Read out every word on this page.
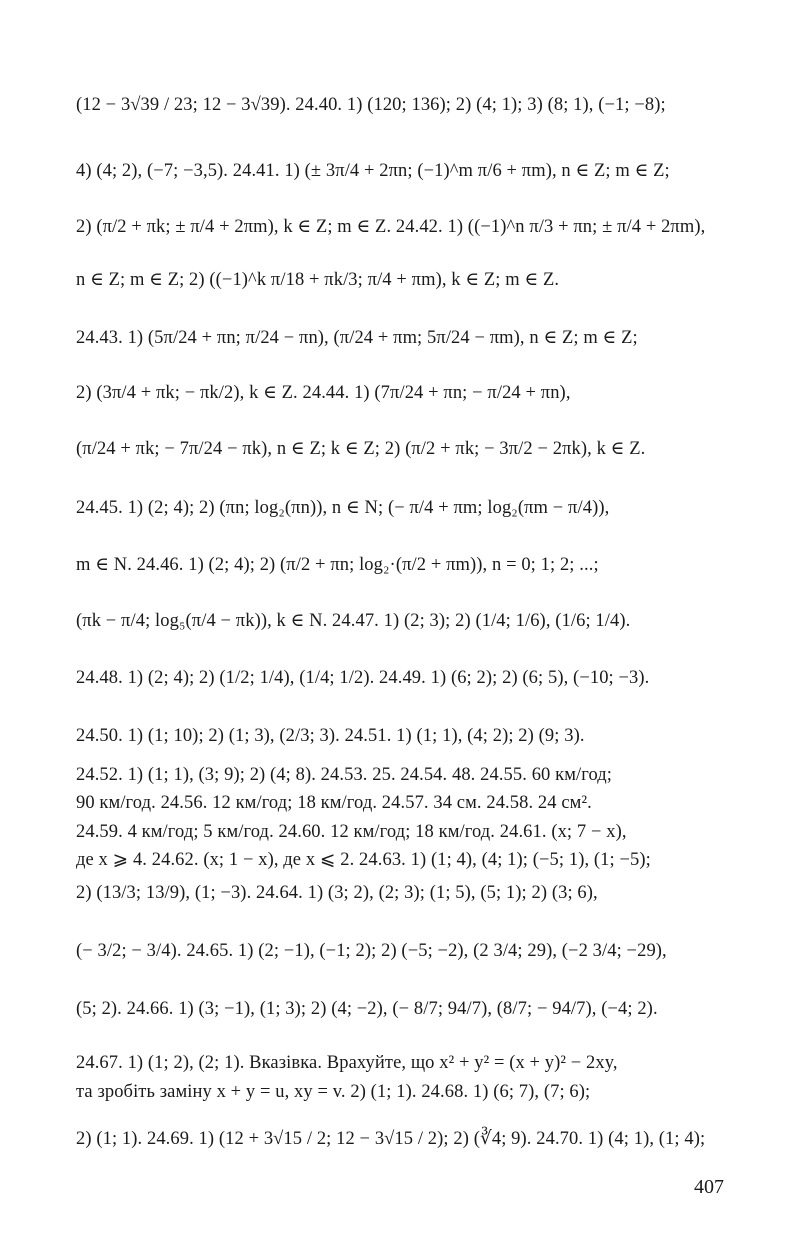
(12 − 3√39 / 23; 12 − 3√39). 24.40. 1) (120; 136); 2) (4; 1); 3) (8; 1), (−1; −8);
4) (4; 2), (−7; −3,5). 24.41. 1) (± 3π/4 + 2πn; (−1)^m π/6 + πm), n ∈ Z; m ∈ Z;
2) (π/2 + πk; ± π/4 + 2πm), k ∈ Z; m ∈ Z. 24.42. 1) ((−1)^n π/3 + πn; ± π/4 + 2πm),
n ∈ Z; m ∈ Z; 2) ((−1)^k π/18 + πk/3; π/4 + πm), k ∈ Z; m ∈ Z.
24.43. 1) (5π/24 + πn; π/24 − πn), (π/24 + πm; 5π/24 − πm), n ∈ Z; m ∈ Z;
2) (3π/4 + πk; − πk/2), k ∈ Z. 24.44. 1) (7π/24 + πn; − π/24 + πn),
(π/24 + πk; − 7π/24 − πk), n ∈ Z; k ∈ Z; 2) (π/2 + πk; − 3π/2 − 2πk), k ∈ Z.
24.45. 1) (2; 4); 2) (πn; log₂(πn)), n ∈ N; (− π/4 + πm; log₂(πm − π/4)),
m ∈ N. 24.46. 1) (2; 4); 2) (π/2 + πn; log₂·(π/2 + πm)), n = 0; 1; 2; ...;
(πk − π/4; log₅(π/4 − πk)), k ∈ N. 24.47. 1) (2; 3); 2) (1/4; 1/6), (1/6; 1/4).
24.48. 1) (2; 4); 2) (1/2; 1/4), (1/4; 1/2). 24.49. 1) (6; 2); 2) (6; 5), (−10; −3).
24.50. 1) (1; 10); 2) (1; 3), (2/3; 3). 24.51. 1) (1; 1), (4; 2); 2) (9; 3).
24.52. 1) (1; 1), (3; 9); 2) (4; 8). 24.53. 25. 24.54. 48. 24.55. 60 км/год;
90 км/год. 24.56. 12 км/год; 18 км/год. 24.57. 34 см. 24.58. 24 см².
24.59. 4 км/год; 5 км/год. 24.60. 12 км/год; 18 км/год. 24.61. (x; 7 − x),
де x ⩾ 4. 24.62. (x; 1 − x), де x ⩽ 2. 24.63. 1) (1; 4), (4; 1); (−5; 1), (1; −5);
2) (13/3; 13/9), (1; −3). 24.64. 1) (3; 2), (2; 3); (1; 5), (5; 1); 2) (3; 6),
(− 3/2; − 3/4). 24.65. 1) (2; −1), (−1; 2); 2) (−5; −2), (2 3/4; 29), (−2 3/4; −29),
(5; 2). 24.66. 1) (3; −1), (1; 3); 2) (4; −2), (− 8/7; 94/7), (8/7; − 94/7), (−4; 2).
24.67. 1) (1; 2), (2; 1). Вказівка. Врахуйте, що x² + y² = (x + y)² − 2xy,
та зробіть заміну x + y = u, xy = v. 2) (1; 1). 24.68. 1) (6; 7), (7; 6);
2) (1; 1). 24.69. 1) (12 + 3√15 / 2; 12 − 3√15 / 2); 2) (∛4; 9). 24.70. 1) (4; 1), (1; 4);
407
